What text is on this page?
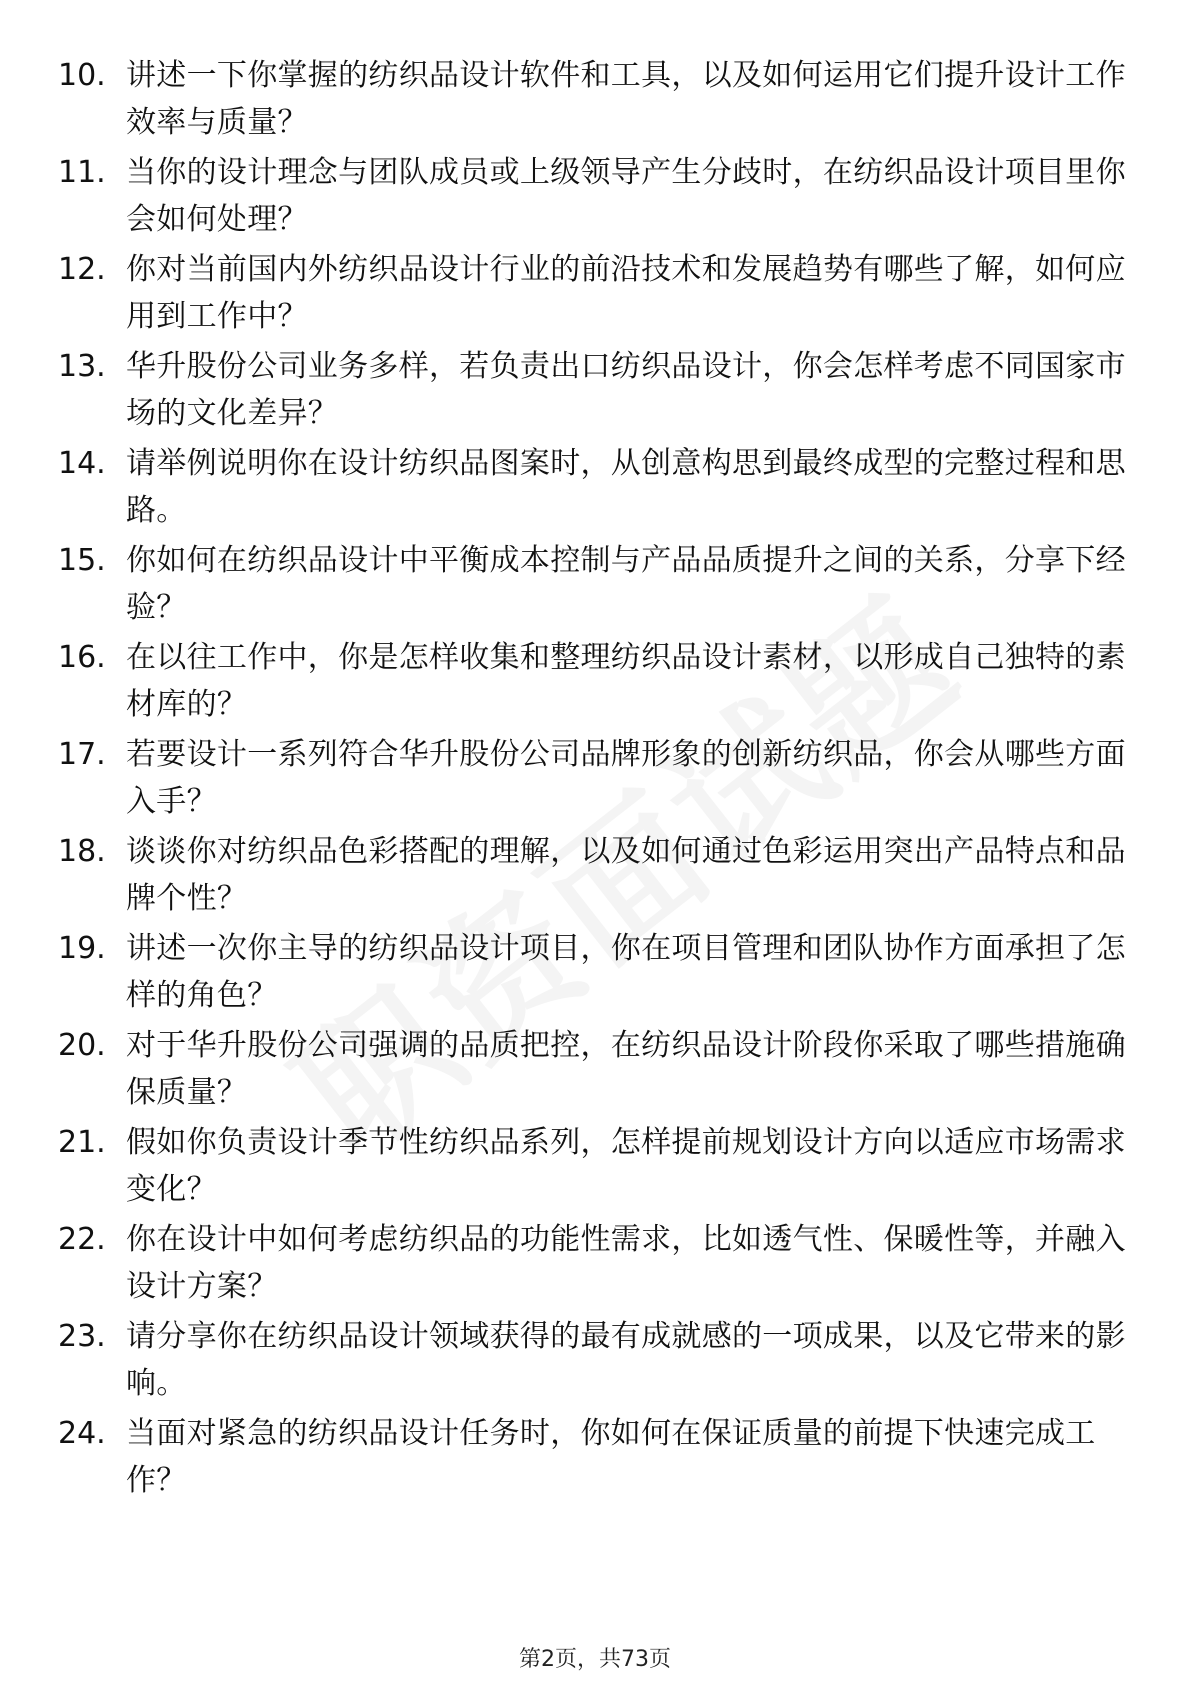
10. 讲述一下你掌握的纺织品设计软件和工具，以及如何运用它们提升设计工作效率与质量？
11. 当你的设计理念与团队成员或上级领导产生分歧时，在纺织品设计项目里你会如何处理？
12. 你对当前国内外纺织品设计行业的前沿技术和发展趋势有哪些了解，如何应用到工作中？
13. 华升股份公司业务多样，若负责出口纺织品设计，你会怎样考虑不同国家市场的文化差异？
14. 请举例说明你在设计纺织品图案时，从创意构思到最终成型的完整过程和思路。
15. 你如何在纺织品设计中平衡成本控制与产品品质提升之间的关系，分享下经验？
16. 在以往工作中，你是怎样收集和整理纺织品设计素材，以形成自己独特的素材库的？
17. 若要设计一系列符合华升股份公司品牌形象的创新纺织品，你会从哪些方面入手？
18. 谈谈你对纺织品色彩搭配的理解，以及如何通过色彩运用突出产品特点和品牌个性？
19. 讲述一次你主导的纺织品设计项目，你在项目管理和团队协作方面承担了怎样的角色？
20. 对于华升股份公司强调的品质把控，在纺织品设计阶段你采取了哪些措施确保质量？
21. 假如你负责设计季节性纺织品系列，怎样提前规划设计方向以适应市场需求变化？
22. 你在设计中如何考虑纺织品的功能性需求，比如透气性、保暖性等，并融入设计方案？
23. 请分享你在纺织品设计领域获得的最有成就感的一项成果，以及它带来的影响。
24. 当面对紧急的纺织品设计任务时，你如何在保证质量的前提下快速完成工作？
第2页，共73页
